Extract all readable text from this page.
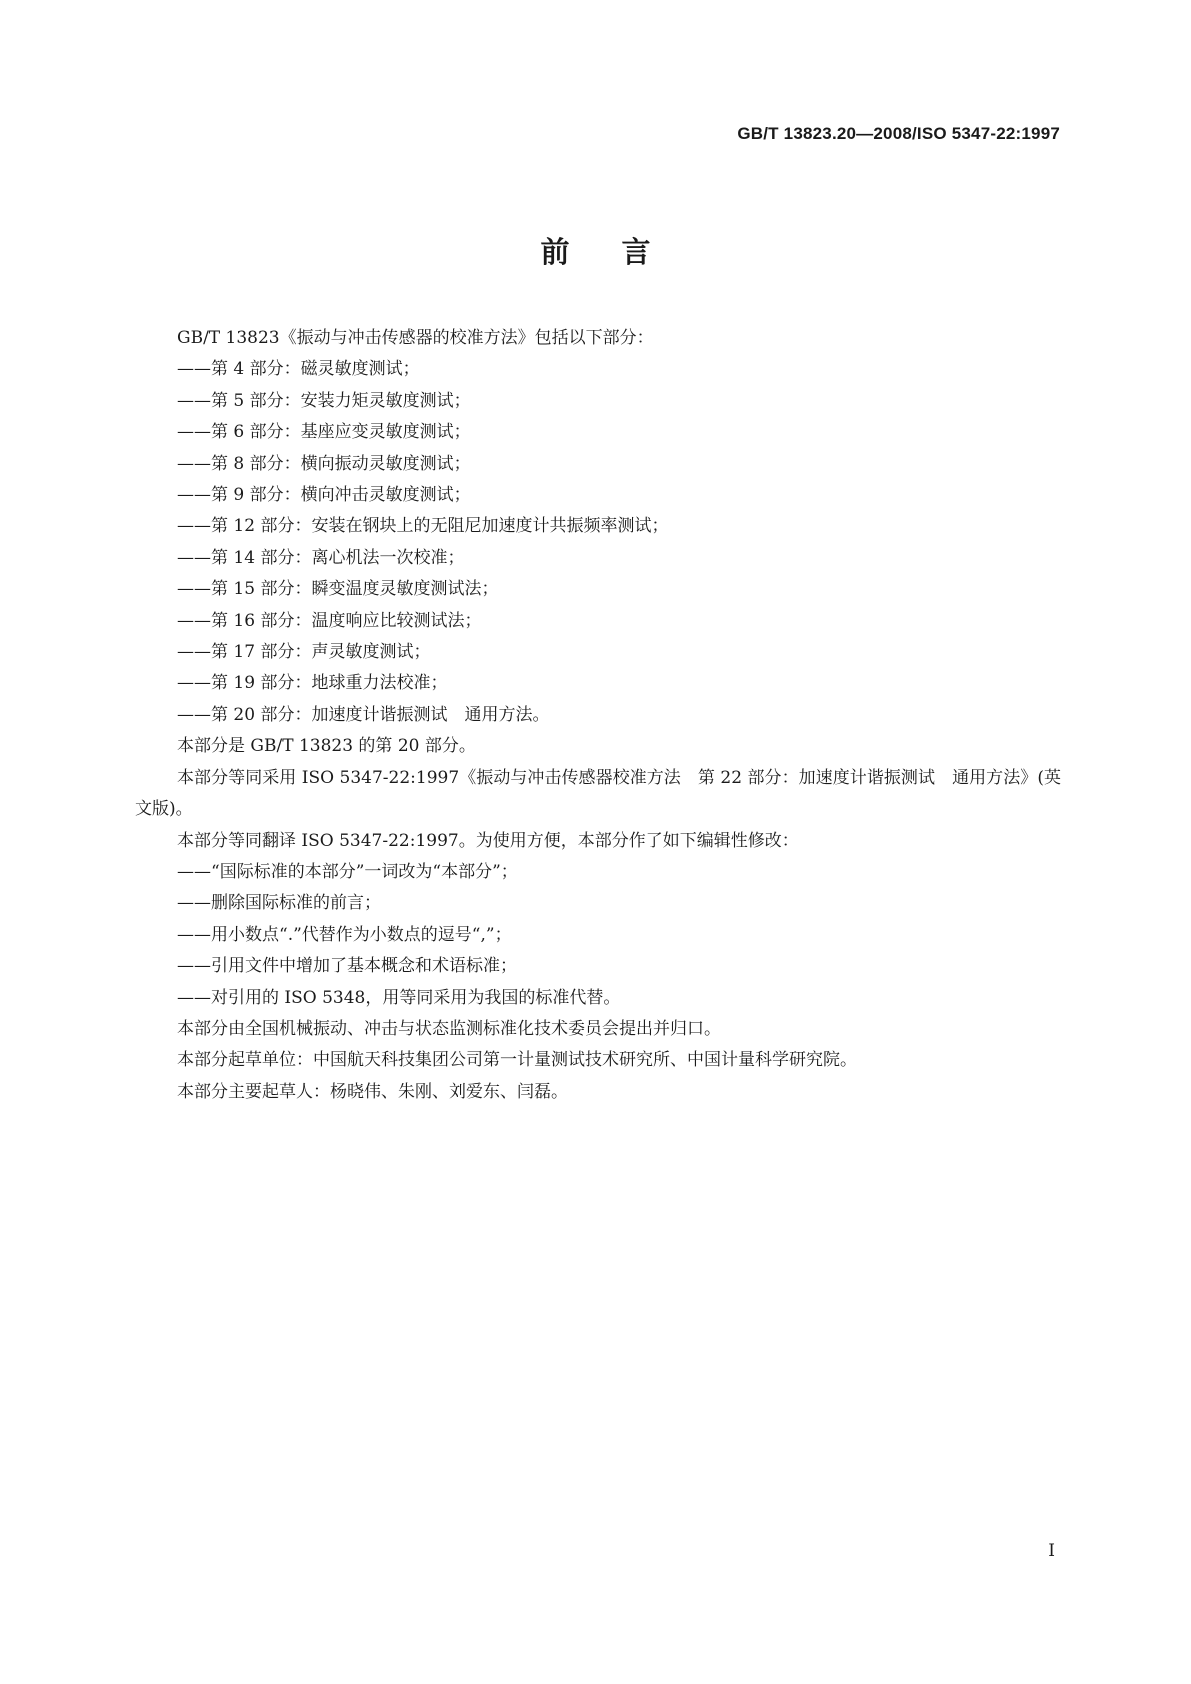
GB/T 13823.20—2008/ISO 5347-22:1997
前言

GB/T 13823《振动与冲击传感器的校准方法》包括以下部分：

——第 4 部分：磁灵敏度测试；

——第 5 部分：安装力矩灵敏度测试；

——第 6 部分：基座应变灵敏度测试；

——第 8 部分：横向振动灵敏度测试；

——第 9 部分：横向冲击灵敏度测试；

——第 12 部分：安装在钢块上的无阻尼加速度计共振频率测试；

——第 14 部分：离心机法一次校准；

——第 15 部分：瞬变温度灵敏度测试法；

——第 16 部分：温度响应比较测试法；

——第 17 部分：声灵敏度测试；

——第 19 部分：地球重力法校准；

——第 20 部分：加速度计谐振测试　通用方法。

本部分是 GB/T 13823 的第 20 部分。

本部分等同采用 ISO 5347-22:1997《振动与冲击传感器校准方法　第 22 部分：加速度计谐振测试　通用方法》(英文版)。

本部分等同翻译 ISO 5347-22:1997。为使用方便，本部分作了如下编辑性修改：

——“国际标准的本部分”一词改为“本部分”；

——删除国际标准的前言；

——用小数点“.”代替作为小数点的逗号“,”；

——引用文件中增加了基本概念和术语标准；

——对引用的 ISO 5348，用等同采用为我国的标准代替。

本部分由全国机械振动、冲击与状态监测标准化技术委员会提出并归口。

本部分起草单位：中国航天科技集团公司第一计量测试技术研究所、中国计量科学研究院。

本部分主要起草人：杨晓伟、朱刚、刘爱东、闫磊。

I
